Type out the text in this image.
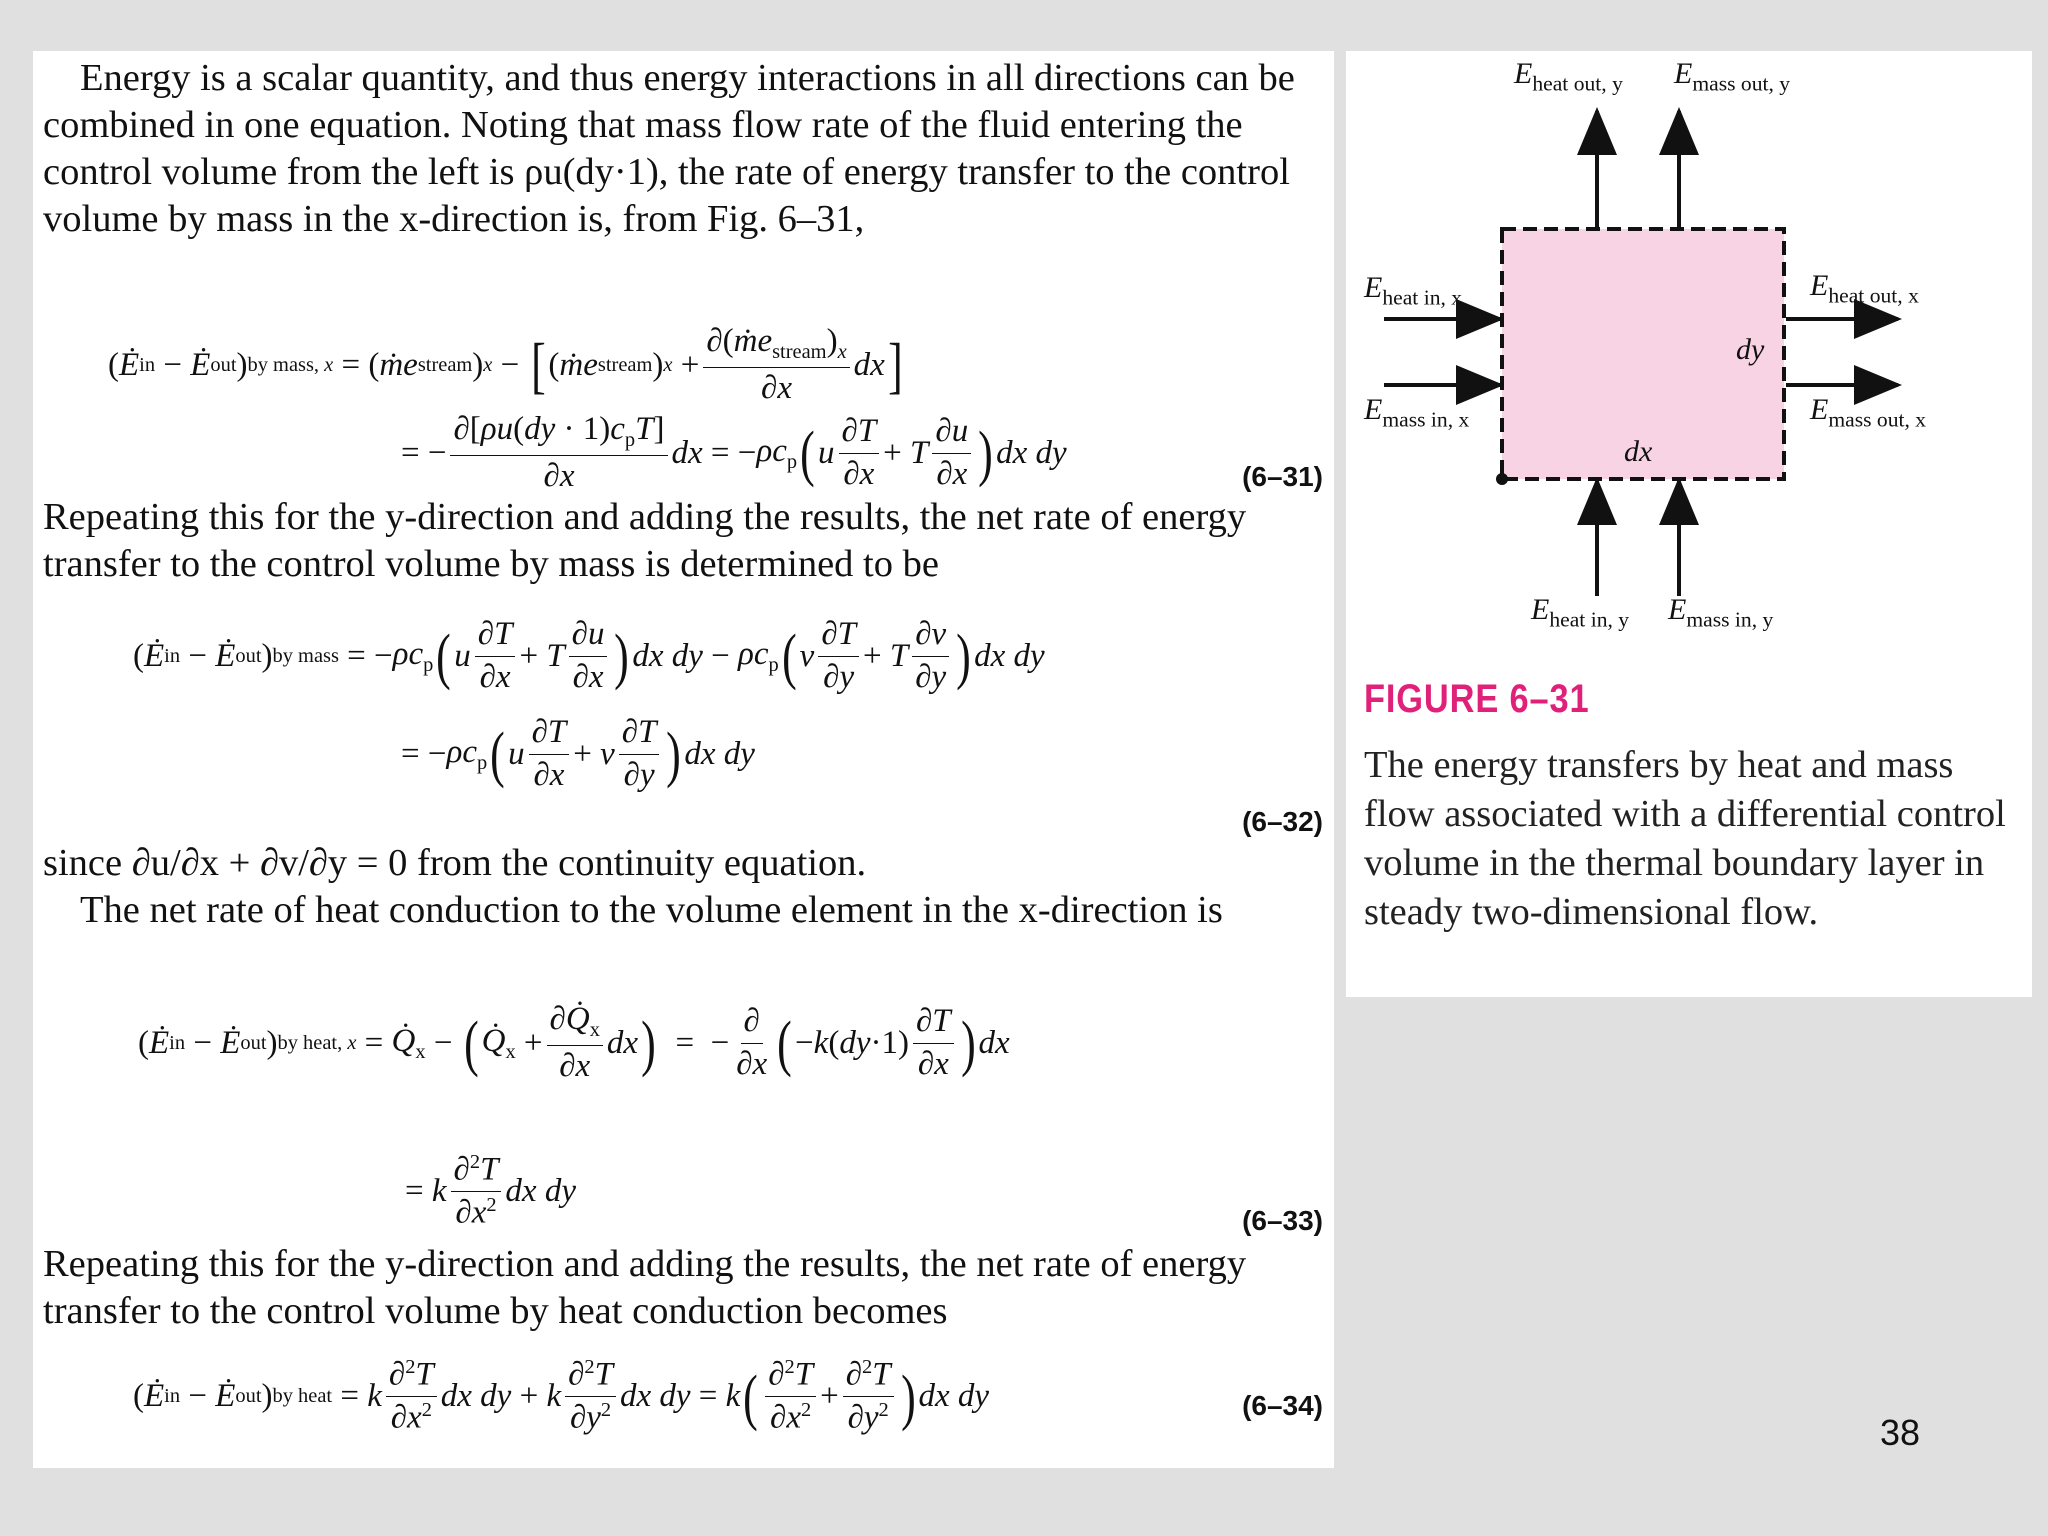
Energy is a scalar quantity, and thus energy interactions in all directions can be combined in one equation. Noting that mass flow rate of the fluid entering the control volume from the left is ρu(dy·1), the rate of energy transfer to the control volume by mass in the x-direction is, from Fig. 6–31,
( Ė in − Ė out ) by mass, x = ( ṁe stream ) x − [ ( ṁe stream ) $x + \frac{\partial(ṁe_{stream})_x}{\partial x}$ dx ]
= − $\frac{\partial[\rho u(dy \cdot 1)c_pT]}{\partial x}$ dx = − $\rho c_p$ ( u $\frac{\partial T}{\partial x} + T \frac{\partial u}{\partial x}$ ) dx dy
(6–31)
Repeating this for the y-direction and adding the results, the net rate of energy transfer to the control volume by mass is determined to be
( Ė in − Ė out ) by mass = − $\rho c_p$ ( u $\frac{\partial T}{\partial x} + T \frac{\partial u}{\partial x}$ ) dx dy − $\rho c_p$ ( v $\frac{\partial T}{\partial y} + T \frac{\partial v}{\partial y}$ ) dx dy
= − $\rho c_p$ ( u $\frac{\partial T}{\partial x} + v \frac{\partial T}{\partial y}$ ) dx dy
(6–32)
since ∂u/∂x + ∂v/∂y = 0 from the continuity equation.
The net rate of heat conduction to the volume element in the x-direction is
( Ė in − Ė out ) by heat, $x = Q̇_x$ − ( $Q̇_x + \frac{\partial Q̇_x}{\partial x}$ dx ) =  − $\frac{\partial}{\partial x}$ ( − k ( dy $\cdot 1) \frac{\partial T}{\partial x}$ ) dx
= k $\frac{\partial^2T}{\partial x^2}$ dx dy
(6–33)
Repeating this for the y-direction and adding the results, the net rate of energy transfer to the control volume by heat conduction becomes
( Ė in − Ė out ) by heat = k $\frac{\partial^2T}{\partial x^2}$ dx dy + k $\frac{\partial^2T}{\partial y^2}$ dx dy = k ( $\frac{\partial^2T}{\partial x^2} + \frac{\partial^2T}{\partial y^2}$ ) dx dy	(6–34)
$E_{heat out, y}$ $E_{mass out, y}$
$E_{heat in, x}$	$E_{heat out, x}$
$E_{mass in, x}$	$E_{mass out, x}$
$E_{heat in, y}$ $E_{mass in, y}$
dy
dx
FIGURE 6–31
The energy transfers by heat and mass flow associated with a differential control volume in the thermal boundary layer in steady two-dimensional flow.
38
